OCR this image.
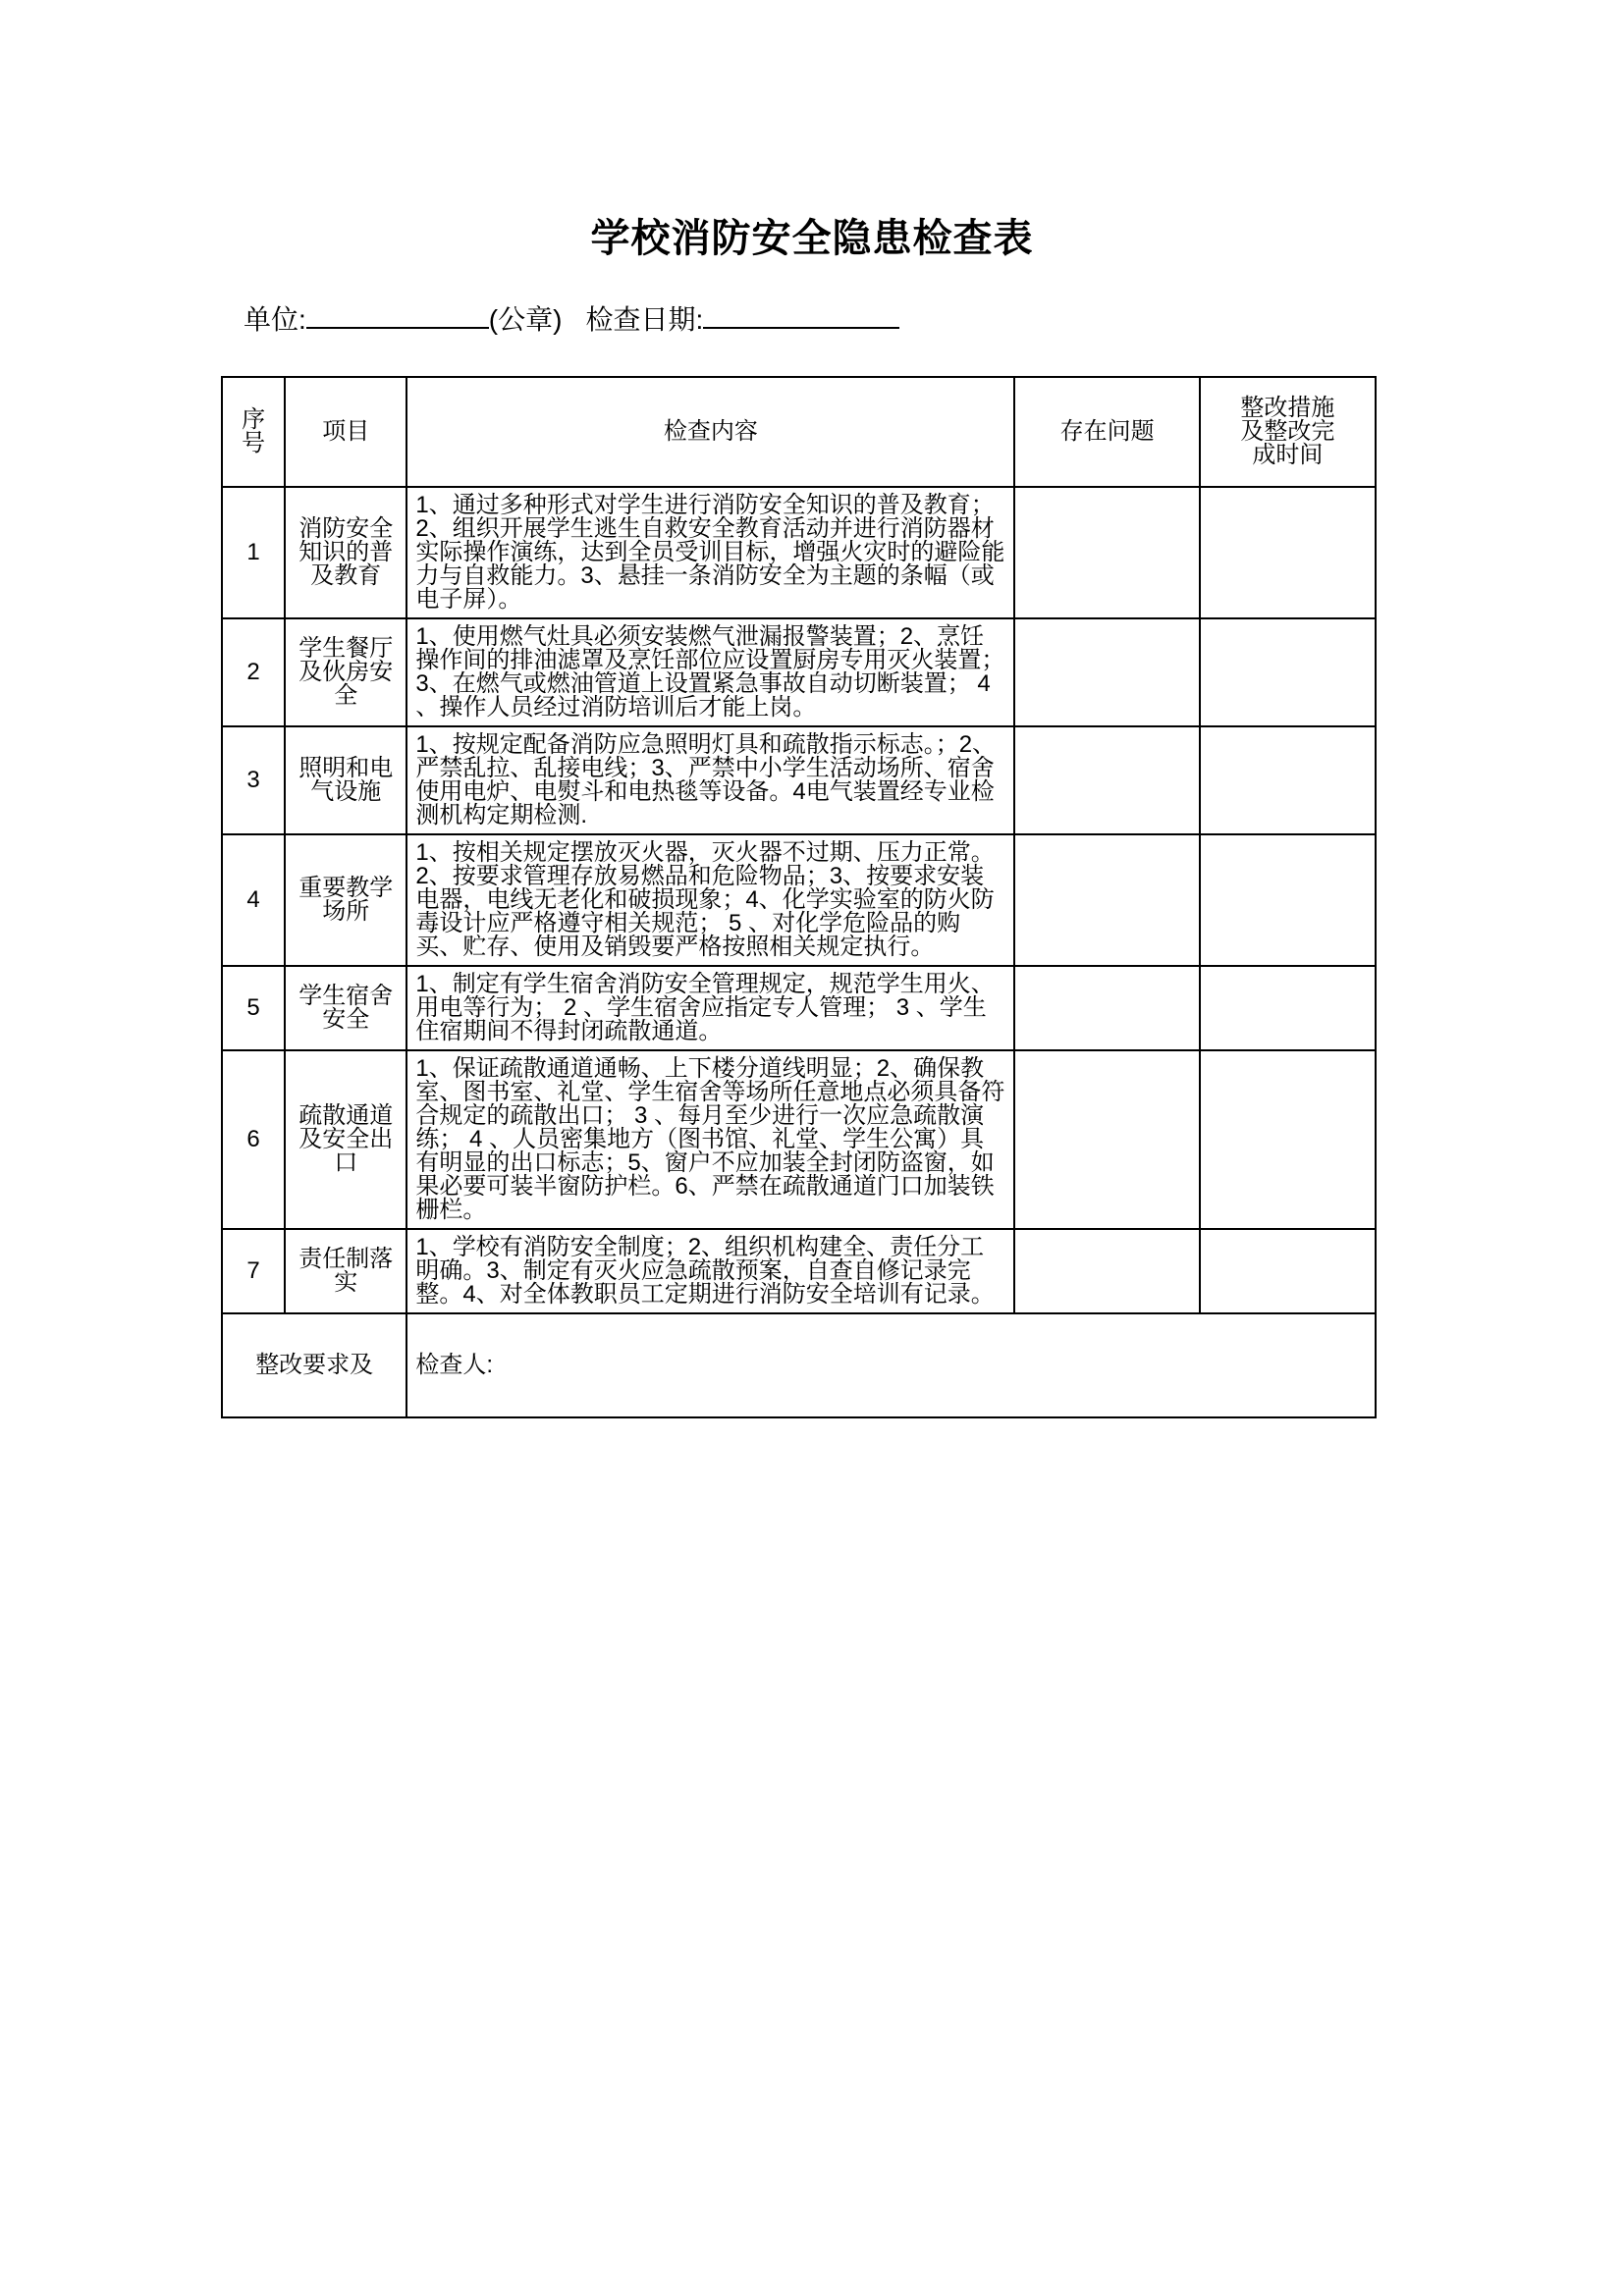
学校消防安全隐患检查表

单位:	(公章) 检查日期:

序
号	项目	检查内容	存在问题	整改措施
及整改完
成时间

1	消防安全知识的普及教育	1、通过多种形式对学生进行消防安全知识的普及教育；2、组织开展学生逃生自救安全教育活动并进行消防器材实际操作演练，达到全员受训目标，增强火灾时的避险能力与自救能力。3、悬挂一条消防安全为主题的条幅（或电子屏）。		
2	学生餐厅及伙房安全	1、使用燃气灶具必须安装燃气泄漏报警装置；2、烹饪操作间的排油滤罩及烹饪部位应设置厨房专用灭火装置；3、在燃气或燃油管道上设置紧急事故自动切断装置； 4 、操作人员经过消防培训后才能上岗。		
3	照明和电气设施	1、按规定配备消防应急照明灯具和疏散指示标志。；2、严禁乱拉、乱接电线；3、严禁中小学生活动场所、宿舍使用电炉、电熨斗和电热毯等设备。4电气装置经专业检测机构定期检测.		
4	重要教学场所	1、按相关规定摆放灭火器，灭火器不过期、压力正常。2、按要求管理存放易燃品和危险物品；3、按要求安装电器，电线无老化和破损现象；4、化学实验室的防火防毒设计应严格遵守相关规范； 5 、对化学危险品的购买、贮存、使用及销毁要严格按照相关规定执行。		
5	学生宿舍安全	1、制定有学生宿舍消防安全管理规定，规范学生用火、用电等行为； 2 、学生宿舍应指定专人管理； 3 、学生住宿期间不得封闭疏散通道。		
6	疏散通道及安全出口	1、保证疏散通道通畅、上下楼分道线明显；2、确保教室、图书室、礼堂、学生宿舍等场所任意地点必须具备符合规定的疏散出口； 3 、每月至少进行一次应急疏散演练； 4 、人员密集地方（图书馆、礼堂、学生公寓）具有明显的出口标志；5、窗户不应加装全封闭防盗窗，如果必要可装半窗防护栏。6、严禁在疏散通道门口加装铁栅栏。		
7	责任制落实	1、学校有消防安全制度；2、组织机构建全、责任分工明确。3、制定有灭火应急疏散预案，自查自修记录完整。4、对全体教职员工定期进行消防安全培训有记录。		
整改要求及		检查人:		
